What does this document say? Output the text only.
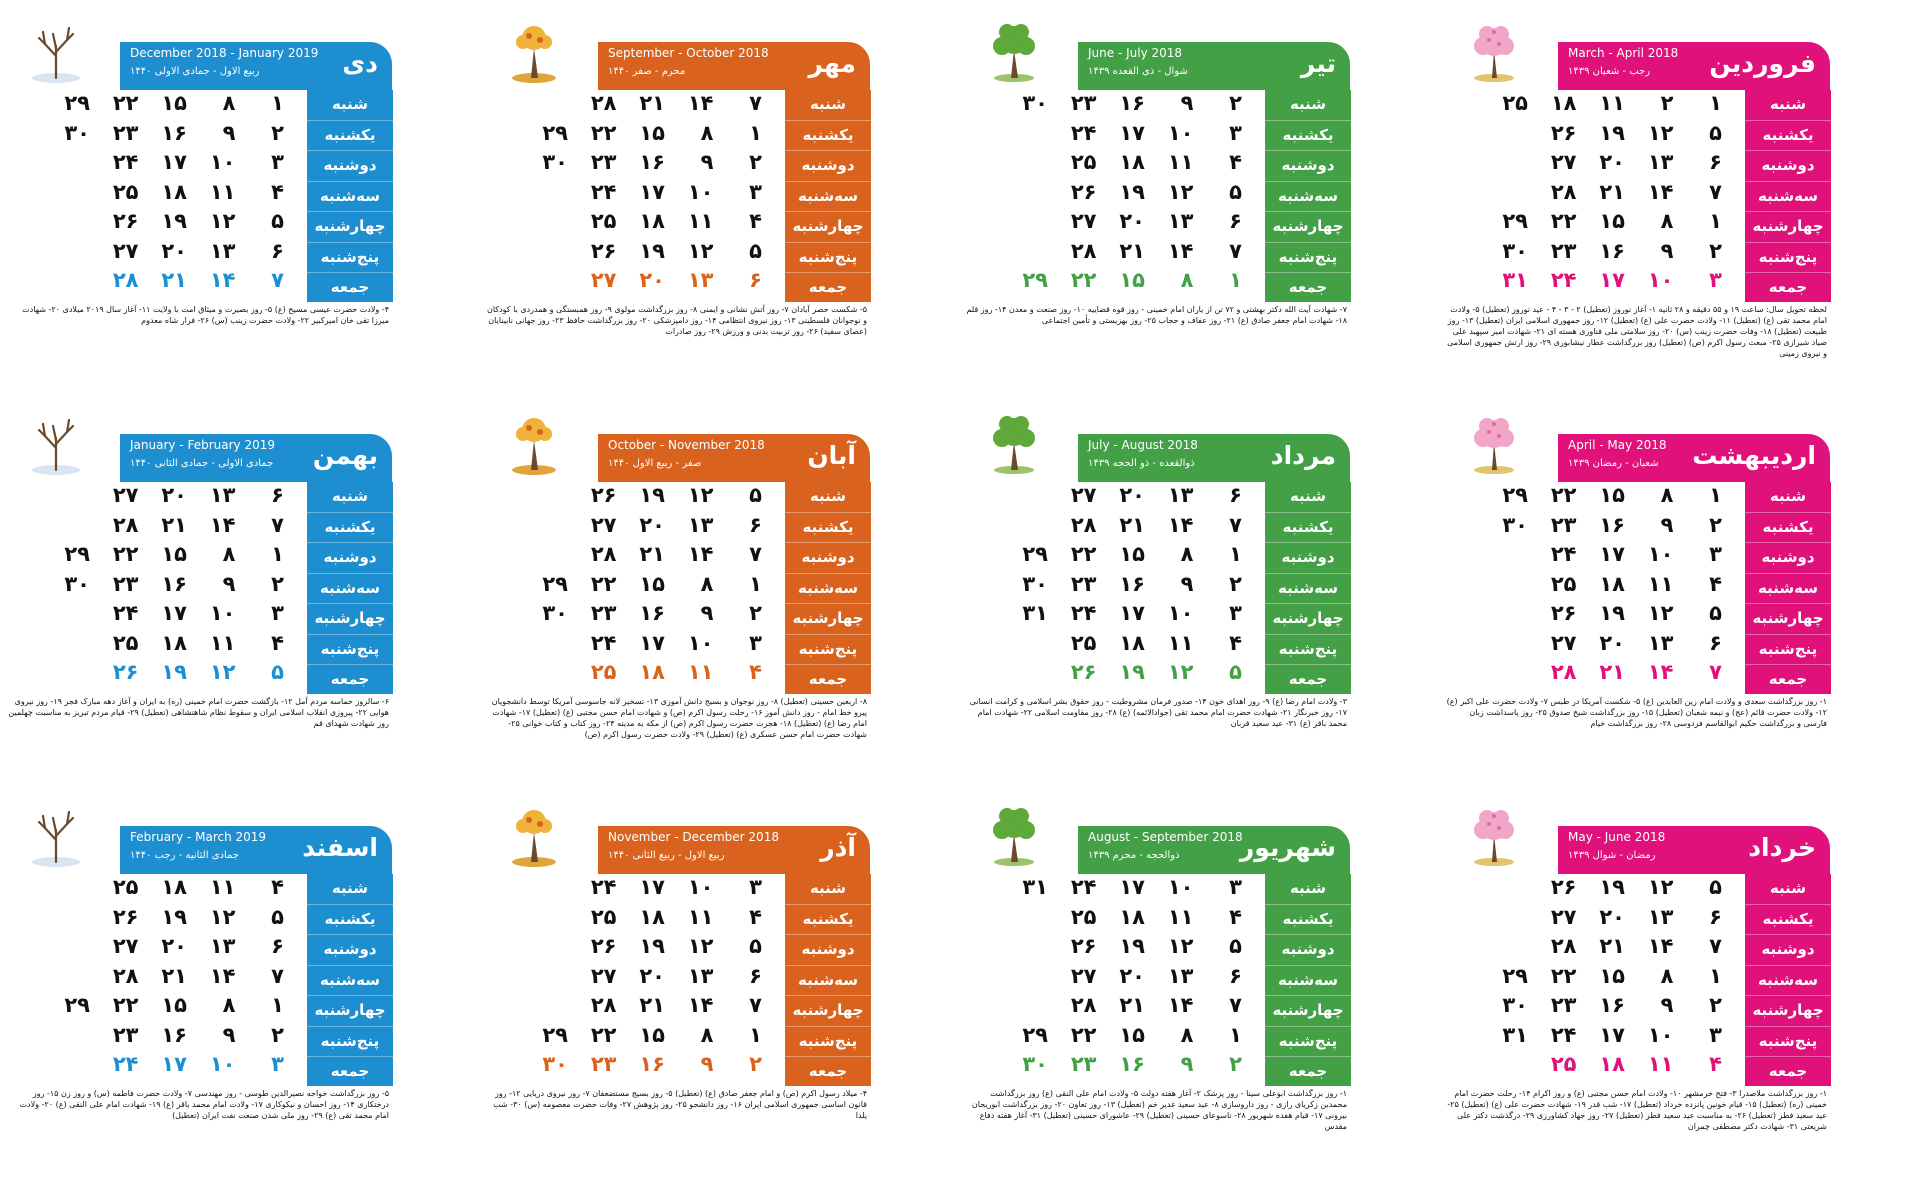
فروردین
March - April 2018
رجب - شعبان ۱۴۳۹
شنبه
یکشنبه
دوشنبه
سه‌شنبه
چهارشنبه
پنج‌شنبه
جمعه
۱
۲
۱۱
۱۸
۲۵
۵
۱۲
۱۹
۲۶
۶
۱۳
۲۰
۲۷
۷
۱۴
۲۱
۲۸
۱
۸
۱۵
۲۲
۲۹
۲
۹
۱۶
۲۳
۳۰
۳
۱۰
۱۷
۲۴
۳۱
لحظه تحویل سال: ساعت ۱۹ و ۵۵ دقیقه و ۲۸ ثانیه ۱- آغاز نوروز (تعطیل) ۲ - ۳ - ۴ - عید نوروز (تعطیل) ۵- ولادت امام محمد تقی (ع) (تعطیل) ۱۱- ولادت حضرت علی (ع) (تعطیل) ۱۲- روز جمهوری اسلامی ایران (تعطیل) ۱۳- روز طبیعت (تعطیل) ۱۸- وفات حضرت زینب (س) ۲۰- روز سلامتی ملی فناوری هسته ای ۲۱- شهادت امیر سپهبد علی صیاد شیرازی ۲۵- مبعث رسول اکرم (ص) (تعطیل) روز بزرگداشت عطار نیشابوری ۲۹- روز ارتش جمهوری اسلامی و نیروی زمینی
تیر
June - July 2018
شوال - ذی القعده ۱۴۳۹
شنبه
یکشنبه
دوشنبه
سه‌شنبه
چهارشنبه
پنج‌شنبه
جمعه
۲
۹
۱۶
۲۳
۳۰
۳
۱۰
۱۷
۲۴
۴
۱۱
۱۸
۲۵
۵
۱۲
۱۹
۲۶
۶
۱۳
۲۰
۲۷
۷
۱۴
۲۱
۲۸
۱
۸
۱۵
۲۲
۲۹
۷- شهادت آیت الله دکتر بهشتی و ۷۲ تن از یاران امام خمینی - روز قوه قضاییه ۱۰- روز صنعت و معدن ۱۴- روز قلم ۱۸- شهادت امام جعفر صادق (ع) ۲۱- روز عفاف و حجاب ۲۵- روز بهزیستی و تأمین اجتماعی
مهر
September - October 2018
محرم - صفر ۱۴۴۰
شنبه
یکشنبه
دوشنبه
سه‌شنبه
چهارشنبه
پنج‌شنبه
جمعه
۷
۱۴
۲۱
۲۸
۱
۸
۱۵
۲۲
۲۹
۲
۹
۱۶
۲۳
۳۰
۳
۱۰
۱۷
۲۴
۴
۱۱
۱۸
۲۵
۵
۱۲
۱۹
۲۶
۶
۱۳
۲۰
۲۷
۵- شکست حصر آبادان ۷- روز آتش نشانی و ایمنی ۸- روز بزرگداشت مولوی ۹- روز همبستگی و همدردی با کودکان و نوجوانان فلسطینی ۱۳- روز نیروی انتظامی ۱۴- روز دامپزشکی ۲۰- روز بزرگداشت حافظ ۲۳- روز جهانی نابینایان (عصای سفید) ۲۶- روز تربیت بدنی و ورزش ۲۹- روز صادرات
دی
December 2018 - January 2019
ربیع الاول - جمادی الاولی ۱۴۴۰
شنبه
یکشنبه
دوشنبه
سه‌شنبه
چهارشنبه
پنج‌شنبه
جمعه
۱
۸
۱۵
۲۲
۲۹
۲
۹
۱۶
۲۳
۳۰
۳
۱۰
۱۷
۲۴
۴
۱۱
۱۸
۲۵
۵
۱۲
۱۹
۲۶
۶
۱۳
۲۰
۲۷
۷
۱۴
۲۱
۲۸
۴- ولادت حضرت عیسی مسیح (ع) ۵- روز بصیرت و میثاق امت با ولایت ۱۱- آغاز سال ۲۰۱۹ میلادی ۲۰- شهادت میرزا تقی خان امیرکبیر ۲۲- ولادت حضرت زینب (س) ۲۶- فرار شاه معدوم
اردیبهشت
April - May 2018
شعبان - رمضان ۱۴۳۹
شنبه
یکشنبه
دوشنبه
سه‌شنبه
چهارشنبه
پنج‌شنبه
جمعه
۱
۸
۱۵
۲۲
۲۹
۲
۹
۱۶
۲۳
۳۰
۳
۱۰
۱۷
۲۴
۴
۱۱
۱۸
۲۵
۵
۱۲
۱۹
۲۶
۶
۱۳
۲۰
۲۷
۷
۱۴
۲۱
۲۸
۱- روز بزرگداشت سعدی و ولادت امام زین العابدین (ع) ۵- شکست آمریکا در طبس ۷- ولادت حضرت علی اکبر (ع) ۱۲- ولادت حضرت قائم (عج) و نیمه شعبان (تعطیل) ۱۵- روز بزرگداشت شیخ صدوق ۲۵- روز پاسداشت زبان فارسی و بزرگداشت حکیم ابوالقاسم فردوسی ۲۸- روز بزرگداشت خیام
مرداد
July - August 2018
ذوالقعده - ذو الحجه ۱۴۳۹
شنبه
یکشنبه
دوشنبه
سه‌شنبه
چهارشنبه
پنج‌شنبه
جمعه
۶
۱۳
۲۰
۲۷
۷
۱۴
۲۱
۲۸
۱
۸
۱۵
۲۲
۲۹
۲
۹
۱۶
۲۳
۳۰
۳
۱۰
۱۷
۲۴
۳۱
۴
۱۱
۱۸
۲۵
۵
۱۲
۱۹
۲۶
۳- ولادت امام رضا (ع) ۹- روز اهدای خون ۱۴- صدور فرمان مشروطیت - روز حقوق بشر اسلامی و کرامت انسانی ۱۷- روز خبرنگار ۲۱- شهادت حضرت امام محمد تقی (جوادالائمه) (ع) ۲۸- روز مقاومت اسلامی ۲۲- شهادت امام محمد باقر (ع) ۳۱- عید سعید قربان
آبان
October - November 2018
صفر - ربیع الاول ۱۴۴۰
شنبه
یکشنبه
دوشنبه
سه‌شنبه
چهارشنبه
پنج‌شنبه
جمعه
۵
۱۲
۱۹
۲۶
۶
۱۳
۲۰
۲۷
۷
۱۴
۲۱
۲۸
۱
۸
۱۵
۲۲
۲۹
۲
۹
۱۶
۲۳
۳۰
۳
۱۰
۱۷
۲۴
۴
۱۱
۱۸
۲۵
۸- اربعین حسینی (تعطیل) ۸- روز نوجوان و بسیج دانش آموزی ۱۳- تسخیر لانه جاسوسی آمریکا توسط دانشجویان پیرو خط امام - روز دانش آموز ۱۶- رحلت رسول اکرم (ص) و شهادت امام حسن مجتبی (ع) (تعطیل) ۱۷- شهادت امام رضا (ع) (تعطیل) ۱۸- هجرت حضرت رسول اکرم (ص) از مکه به مدینه ۲۴- روز کتاب و کتاب خوانی ۲۵- شهادت حضرت امام حسن عسکری (ع) (تعطیل) ۲۹- ولادت حضرت رسول اکرم (ص)
بهمن
January - February 2019
جمادی الاولی - جمادی الثانی ۱۴۴۰
شنبه
یکشنبه
دوشنبه
سه‌شنبه
چهارشنبه
پنج‌شنبه
جمعه
۶
۱۳
۲۰
۲۷
۷
۱۴
۲۱
۲۸
۱
۸
۱۵
۲۲
۲۹
۲
۹
۱۶
۲۳
۳۰
۳
۱۰
۱۷
۲۴
۴
۱۱
۱۸
۲۵
۵
۱۲
۱۹
۲۶
۶- سالروز حماسه مردم آمل ۱۲- بازگشت حضرت امام خمینی (ره) به ایران و آغاز دهه مبارک فجر ۱۹- روز نیروی هوایی ۲۲- پیروزی انقلاب اسلامی ایران و سقوط نظام شاهنشاهی (تعطیل) ۲۹- قیام مردم تبریز به مناسبت چهلمین روز شهادت شهدای قم
خرداد
May - June 2018
رمضان - شوال ۱۴۳۹
شنبه
یکشنبه
دوشنبه
سه‌شنبه
چهارشنبه
پنج‌شنبه
جمعه
۵
۱۲
۱۹
۲۶
۶
۱۳
۲۰
۲۷
۷
۱۴
۲۱
۲۸
۱
۸
۱۵
۲۲
۲۹
۲
۹
۱۶
۲۳
۳۰
۳
۱۰
۱۷
۲۴
۳۱
۴
۱۱
۱۸
۲۵
۱- روز بزرگداشت ملاصدرا ۳- فتح خرمشهر ۱۰- ولادت امام حسن مجتبی (ع) و روز اکرام ۱۴- رحلت حضرت امام خمینی (ره) (تعطیل) ۱۵- قیام خونین پانزده خرداد (تعطیل) ۱۷- شب قدر ۱۹- شهادت حضرت علی (ع) (تعطیل) ۲۵- عید سعید فطر (تعطیل) ۲۶- به مناسبت عید سعید فطر (تعطیل) ۲۷- روز جهاد کشاورزی ۲۹- درگذشت دکتر علی شریعتی ۳۱- شهادت دکتر مصطفی چمران
شهریور
August - September 2018
ذوالحجه - محرم ۱۴۳۹
شنبه
یکشنبه
دوشنبه
سه‌شنبه
چهارشنبه
پنج‌شنبه
جمعه
۳
۱۰
۱۷
۲۴
۳۱
۴
۱۱
۱۸
۲۵
۵
۱۲
۱۹
۲۶
۶
۱۳
۲۰
۲۷
۷
۱۴
۲۱
۲۸
۱
۸
۱۵
۲۲
۲۹
۲
۹
۱۶
۲۳
۳۰
۱- روز بزرگداشت ابوعلی سینا - روز پزشک ۲- آغاز هفته دولت ۵- ولادت امام علی النقی (ع) روز بزرگداشت محمدبن زکریای رازی - روز داروسازی ۸- عید سعید غدیر خم (تعطیل) ۱۳- روز تعاون ۲۰- روز بزرگداشت ابوریحان بیرونی ۱۷- قیام هفده شهریور ۲۸- تاسوعای حسینی (تعطیل) ۲۹- عاشورای حسینی (تعطیل) ۳۱- آغاز هفته دفاع مقدس
آذر
November - December 2018
ربیع الاول - ربیع الثانی ۱۴۴۰
شنبه
یکشنبه
دوشنبه
سه‌شنبه
چهارشنبه
پنج‌شنبه
جمعه
۳
۱۰
۱۷
۲۴
۴
۱۱
۱۸
۲۵
۵
۱۲
۱۹
۲۶
۶
۱۳
۲۰
۲۷
۷
۱۴
۲۱
۲۸
۱
۸
۱۵
۲۲
۲۹
۲
۹
۱۶
۲۳
۳۰
۴- میلاد رسول اکرم (ص) و امام جعفر صادق (ع) (تعطیل) ۵- روز بسیج مستضعفان ۷- روز نیروی دریایی ۱۲- روز قانون اساسی جمهوری اسلامی ایران ۱۶- روز دانشجو ۲۵- روز پژوهش ۲۷- وفات حضرت معصومه (س) ۳۰- شب یلدا
اسفند
February - March 2019
جمادی الثانیه - رجب ۱۴۴۰
شنبه
یکشنبه
دوشنبه
سه‌شنبه
چهارشنبه
پنج‌شنبه
جمعه
۴
۱۱
۱۸
۲۵
۵
۱۲
۱۹
۲۶
۶
۱۳
۲۰
۲۷
۷
۱۴
۲۱
۲۸
۱
۸
۱۵
۲۲
۲۹
۲
۹
۱۶
۲۳
۳
۱۰
۱۷
۲۴
۵- روز بزرگداشت خواجه نصیرالدین طوسی - روز مهندسی ۷- ولادت حضرت فاطمه (س) و روز زن ۱۵- روز درختکاری ۱۴- روز احسان و نیکوکاری ۱۷- ولادت امام محمد باقر (ع) ۱۹- شهادت امام علی النقی (ع) ۲۰- ولادت امام محمد تقی (ع) ۲۹- روز ملی شدن صنعت نفت ایران (تعطیل)
